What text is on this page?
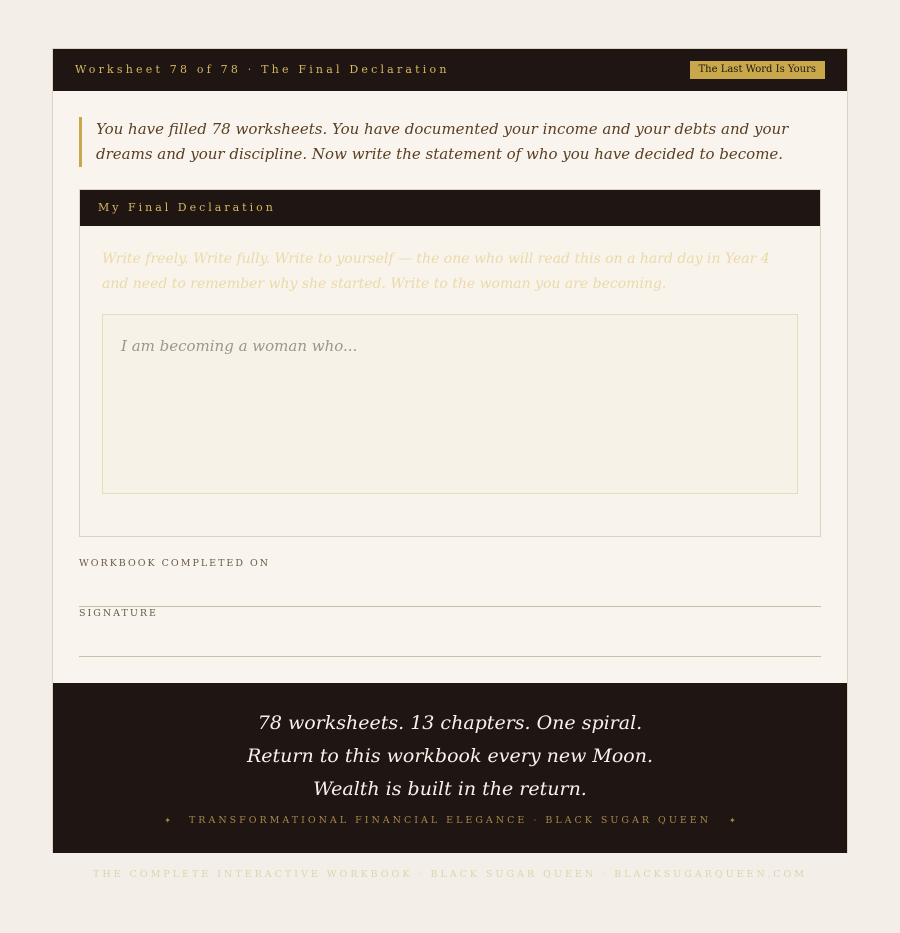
Worksheet 78 of 78 · The Final Declaration	The Last Word Is Yours
You have filled 78 worksheets. You have documented your income and your debts and your dreams and your discipline. Now write the statement of who you have decided to become.
My Final Declaration
Write freely. Write fully. Write to yourself — the one who will read this on a hard day in Year 4 and need to remember why she started. Write to the woman you are becoming.
I am becoming a woman who...
WORKBOOK COMPLETED ON
SIGNATURE
78 worksheets. 13 chapters. One spiral.
Return to this workbook every new Moon.
Wealth is built in the return.
✦ TRANSFORMATIONAL FINANCIAL ELEGANCE · BLACK SUGAR QUEEN ✦
THE COMPLETE INTERACTIVE WORKBOOK · BLACK SUGAR QUEEN · BLACKSUGARQUEEN.COM
